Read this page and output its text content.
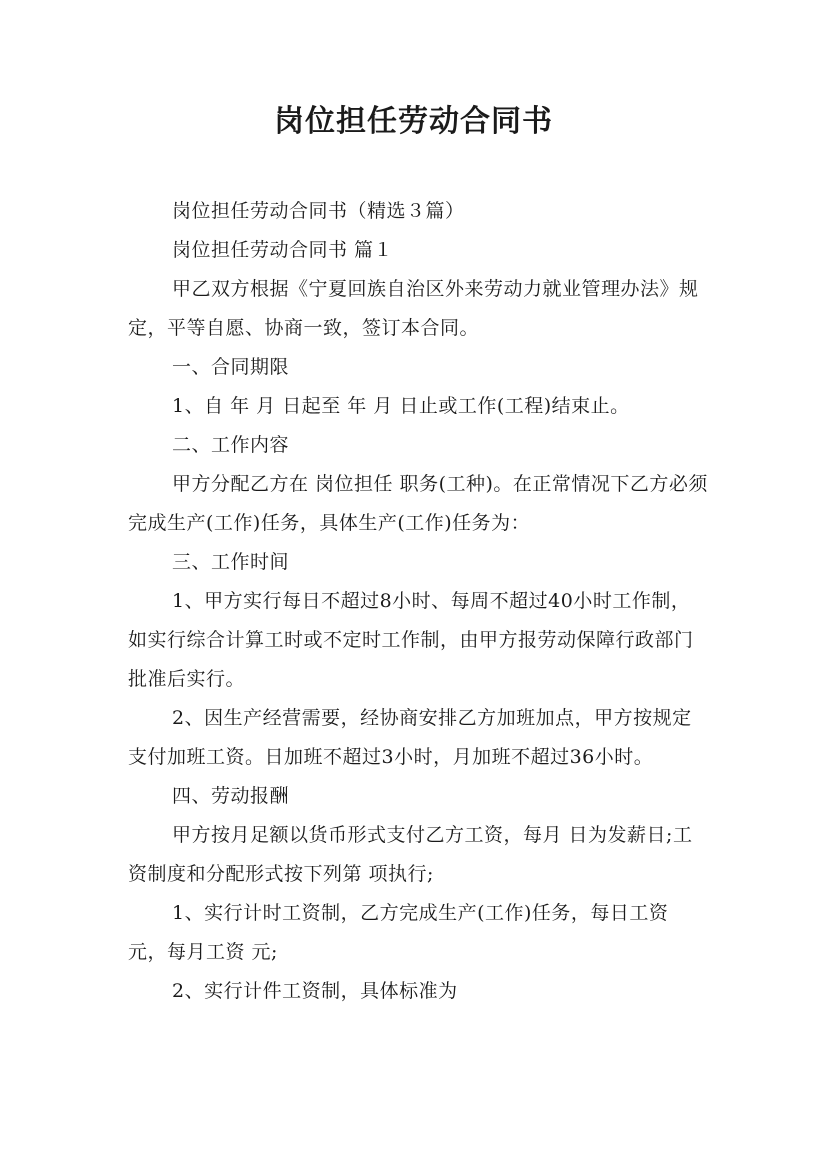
岗位担任劳动合同书

岗位担任劳动合同书（精选３篇）

岗位担任劳动合同书 篇１

甲乙双方根据《宁夏回族自治区外来劳动力就业管理办法》规定，平等自愿、协商一致，签订本合同。

一、合同期限

1、自 年 月 日起至 年 月 日止或工作(工程)结束止。

二、工作内容

甲方分配乙方在 岗位担任 职务(工种)。在正常情况下乙方必须完成生产(工作)任务，具体生产(工作)任务为：

三、工作时间

1、甲方实行每日不超过8小时、每周不超过40小时工作制，如实行综合计算工时或不定时工作制，由甲方报劳动保障行政部门批准后实行。

2、因生产经营需要，经协商安排乙方加班加点，甲方按规定支付加班工资。日加班不超过3小时，月加班不超过36小时。

四、劳动报酬

甲方按月足额以货币形式支付乙方工资，每月 日为发薪日;工资制度和分配形式按下列第 项执行;

1、实行计时工资制，乙方完成生产(工作)任务，每日工资 元，每月工资 元;

2、实行计件工资制，具体标准为
